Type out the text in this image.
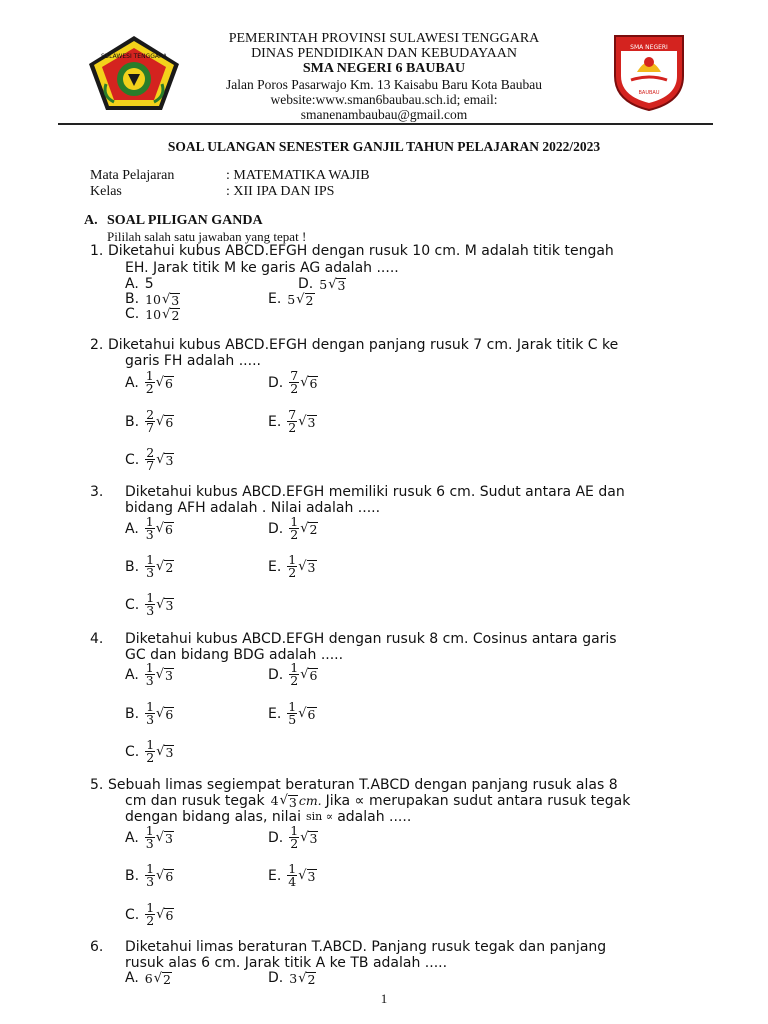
SULAWESI TENGGARA
PEMERINTAH PROVINSI SULAWESI TENGGARA
DINAS PENDIDIKAN DAN KEBUDAYAAN
SMA NEGERI 6 BAUBAU
Jalan Poros Pasarwajo Km. 13 Kaisabu Baru Kota Baubau
website:www.sman6baubau.sch.id; email:
smanenambaubau@gmail.com
SMA NEGERI
BAUBAU
SOAL ULANGAN SENESTER GANJIL TAHUN PELAJARAN 2022/2023
Mata Pelajaran	: MATEMATIKA WAJIB
Kelas	: XII IPA DAN IPS
A. SOAL PILIGAN GANDA
Pililah salah satu jawaban yang tepat !
1. Diketahui kubus ABCD.EFGH dengan rusuk 10 cm. M adalah titik tengah
EH. Jarak titik M ke garis AG adalah .....
A. 5	D. 5 √ 3
B. 10 √ 3	E. 5 √ 2
C. 10 √ 2
2. Diketahui kubus ABCD.EFGH dengan panjang rusuk 7 cm. Jarak titik C ke
garis FH adalah .....
A. $\frac{1}{2}$ √ 6	D. $\frac{7}{2}$ √ 6
B. $\frac{2}{7}$ √ 6	E. $\frac{7}{2}$ √ 3
C. $\frac{2}{7}$ √ 3
3. Diketahui kubus ABCD.EFGH memiliki rusuk 6 cm. Sudut antara AE dan
bidang AFH adalah . Nilai adalah .....
A. $\frac{1}{3}$ √ 6	D. $\frac{1}{2}$ √ 2
B. $\frac{1}{3}$ √ 2	E. $\frac{1}{2}$ √ 3
C. $\frac{1}{3}$ √ 3
4. Diketahui kubus ABCD.EFGH dengan rusuk 8 cm. Cosinus antara garis
GC dan bidang BDG adalah .....
A. $\frac{1}{3}$ √ 3	D. $\frac{1}{2}$ √ 6
B. $\frac{1}{3}$ √ 6	E. $\frac{1}{5}$ √ 6
C. $\frac{1}{2}$ √ 3
5. Sebuah limas segiempat beraturan T.ABCD dengan panjang rusuk alas 8
cm dan rusuk tegak 4 √ 3 cm. Jika ∝ merupakan sudut antara rusuk tegak
dengan bidang alas, nilai sin ∝ adalah .....
A. $\frac{1}{3}$ √ 3	D. $\frac{1}{2}$ √ 3
B. $\frac{1}{3}$ √ 6	E. $\frac{1}{4}$ √ 3
C. $\frac{1}{2}$ √ 6
6. Diketahui limas beraturan T.ABCD. Panjang rusuk tegak dan panjang
rusuk alas 6 cm. Jarak titik A ke TB adalah .....
A. 6 √ 2	D. 3 √ 2
1
